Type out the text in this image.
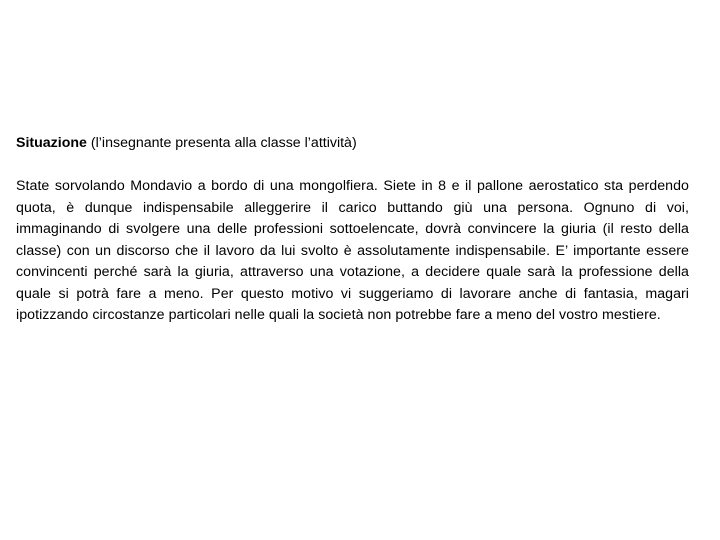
Situazione (l’insegnante presenta alla classe l’attività)

State sorvolando Mondavio a bordo di una mongolfiera. Siete in 8 e il pallone aerostatico sta perdendo quota, è dunque indispensabile alleggerire il carico buttando giù una persona. Ognuno di voi, immaginando di svolgere una delle professioni sottoelencate, dovrà convincere la giuria (il resto della classe) con un discorso che il lavoro da lui svolto è assolutamente indispensabile. E’ importante essere convincenti perché sarà la giuria, attraverso una votazione, a decidere quale sarà la professione della quale si potrà fare a meno. Per questo motivo vi suggeriamo di lavorare anche di fantasia, magari ipotizzando circostanze particolari nelle quali la società non potrebbe fare a meno del vostro mestiere.
